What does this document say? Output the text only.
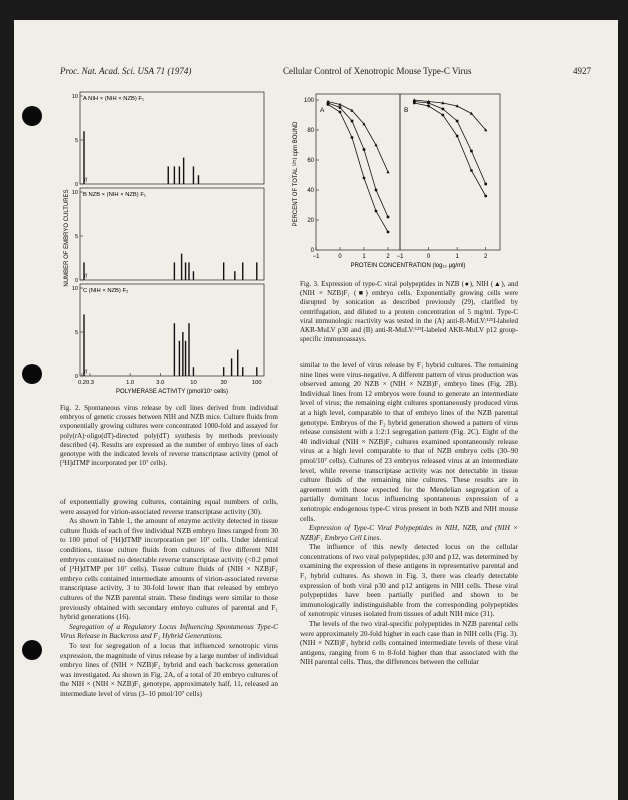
Proc. Nat. Acad. Sci. USA 71 (1974)	Cellular Control of Xenotropic Mouse Type-C Virus	4927
0
5
10 A NIH × (NIH × NZB) F₁
//
0
5
10 B NZB × (NIH × NZB) F₁
//
0
5
10 C (NIH × NZB) F₂
//
0.2 0.3	1.0	3.0	10	30	100
POLYMERASE ACTIVITY (pmol/10⁷ cells)
NUMBER OF EMBRYO CULTURES
A
−1	0	1	2
B
−1	0	1	2
0
20
40
60
80
100
PROTEIN CONCENTRATION (log₁₀ μg/ml)
PERCENT OF TOTAL ¹²⁵I cpm BOUND

Fig. 3. Expression of type-C viral polypeptides in NZB (●), NIH (▲), and (NIH × NZB)F₁ (■) embryo cells. Exponentially growing cells were disrupted by sonication as described previously (29), clarified by centrifugation, and diluted to a protein concentration of 5 mg/ml. Type-C viral immunologic reactivity was tested in the (A) anti-R-MuLV:¹²⁵I-labeled AKR-MuLV p30 and (B) anti-R-MuLV:¹²⁵I-labeled AKR-MuLV p12 group-specific immunoassays.

Fig. 2. Spontaneous virus release by cell lines derived from individual embryos of genetic crosses between NIH and NZB mice. Culture fluids from exponentially growing cultures were concentrated 1000-fold and assayed for poly(rA)·oligo(dT)-directed poly(dT) synthesis by methods previously described (4). Results are expressed as the number of embryo lines of each genotype with the indicated levels of reverse transcriptase activity (pmol of [³H]dTMP incorporated per 10⁷ cells).

of exponentially growing cultures, containing equal numbers of cells, were assayed for virion-associated reverse transcriptase activity (30).

As shown in Table 1, the amount of enzyme activity detected in tissue culture fluids of each of five individual NZB embryo lines ranged from 30 to 100 pmol of [³H]dTMP incorporation per 10⁷ cells. Under identical conditions, tissue culture fluids from cultures of five different NIH embryos contained no detectable reverse transcriptase activity (<0.2 pmol of [³H]dTMP per 10⁷ cells). Tissue culture fluids of (NIH × NZB)F₁ embryo cells contained intermediate amounts of virion-associated reverse transcriptase activity, 3 to 30-fold lower than that released by embryo cultures of the NZB parental strain. These findings were similar to those previously obtained with secondary embryo cultures of parental and F₁ hybrid generations (16).

Segregation of a Regulatory Locus Influencing Spontaneous Type-C Virus Release in Backcross and F₂ Hybrid Generations.

To test for segregation of a locus that influenced xenotropic virus expression, the magnitude of virus release by a large number of individual embryo lines of (NIH × NZB)F₂ hybrid and each backcross generation was investigated. As shown in Fig. 2A, of a total of 20 embryo cultures of the NIH × (NIH × NZB)F₁ genotype, approximately half, 11, released an intermediate level of virus (3–10 pmol/10⁷ cells)

similar to the level of virus release by F₁ hybrid cultures. The remaining nine lines were virus-negative. A different pattern of virus production was observed among 20 NZB × (NIH × NZB)F₁ embryo lines (Fig. 2B). Individual lines from 12 embryos were found to generate an intermediate level of virus; the remaining eight cultures spontaneously produced virus at a high level, comparable to that of embryo lines of the NZB parental genotype. Embryos of the F₂ hybrid generation showed a pattern of virus release consistent with a 1:2:1 segregation pattern (Fig. 2C). Eight of the 40 individual (NIH × NZB)F₂ cultures examined spontaneously release virus at a high level comparable to that of NZB embryo cells (30–90 pmol/10⁷ cells). Cultures of 23 embryos released virus at an intermediate level, while reverse transcriptase activity was not detectable in tissue culture fluids of the remaining nine cultures. These results are in agreement with those expected for the Mendelian segregation of a partially dominant locus influencing spontaneous expression of a xenotropic endogenous type-C virus present in both NZB and NIH mouse cells.

Expression of Type-C Viral Polypeptides in NIH, NZB, and (NIH × NZB)F₁ Embryo Cell Lines.

The influence of this newly detected locus on the cellular concentrations of two viral polypeptides, p30 and p12, was determined by examining the expression of these antigens in representative parental and F₁ hybrid cultures. As shown in Fig. 3, there was clearly detectable expression of both viral p30 and p12 antigens in NIH cells. These viral polypeptides have been partially purified and shown to be immunologically indistinguishable from the corresponding polypeptides of xenotropic viruses isolated from tissues of adult NIH mice (31).

The levels of the two viral-specific polypeptides in NZB parental cells were approximately 20-fold higher in each case than in NIH cells (Fig. 3). (NIH × NZB)F₁ hybrid cells contained intermediate levels of these viral antigens, ranging from 6 to 8-fold higher than that associated with the NIH parental cells. Thus, the differences between the cellular
